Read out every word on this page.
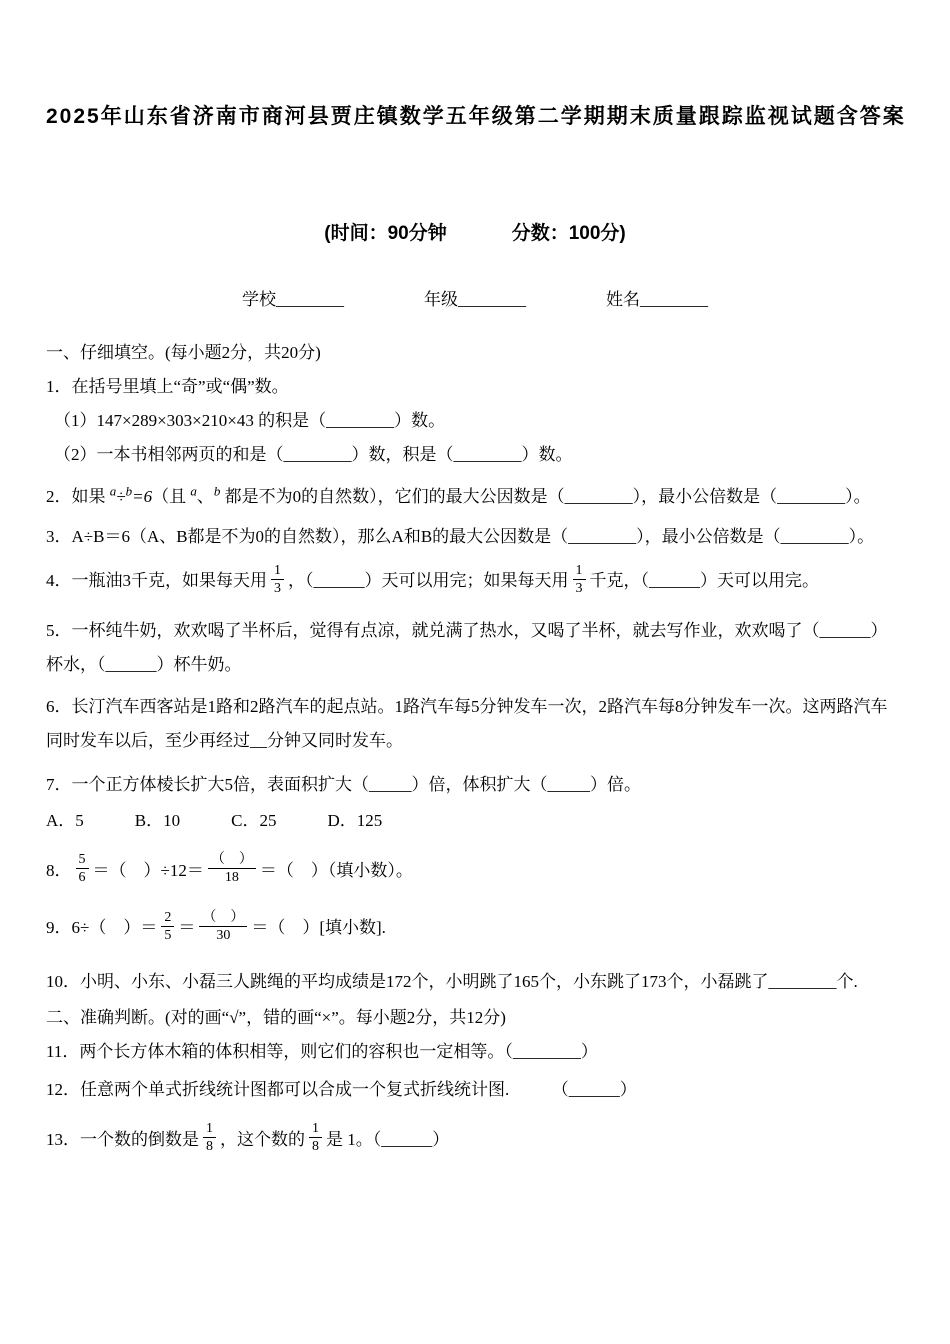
2025年山东省济南市商河县贾庄镇数学五年级第二学期期末质量跟踪监视试题含答案
(时间：90分钟	分数：100分)
学校________	年级________	姓名________
一、仔细填空。(每小题2分，共20分)
1．在括号里填上“奇”或“偶”数。
（1）147×289×303×210×43 的积是（________）数。
（2）一本书相邻两页的和是（________）数，积是（________）数。
2．如果 $^a$÷$^b$=6（且 $^a$、$^b$ 都是不为0的自然数），它们的最大公因数是（________），最小公倍数是（________）。
3．A÷B＝6（A、B都是不为0的自然数），那么A和B的最大公因数是（________），最小公倍数是（________）。
4．一瓶油3千克，如果每天用 $\frac{1}{3}$ ，（______）天可以用完；如果每天用 $\frac{1}{3}$ 千克，（______）天可以用完。
5．一杯纯牛奶，欢欢喝了半杯后，觉得有点凉，就兑满了热水，又喝了半杯，就去写作业，欢欢喝了（______）杯水，（______）杯牛奶。
6．长汀汽车西客站是1路和2路汽车的起点站。1路汽车每5分钟发车一次，2路汽车每8分钟发车一次。这两路汽车同时发车以后，至少再经过__分钟又同时发车。
7．一个正方体棱长扩大5倍，表面积扩大（_____）倍，体积扩大（_____）倍。
A．5　　　B．10　　　C．25　　　D．125
8． $\frac{5}{6}$ ＝（　）$\div 12= \frac{( )}{18}$ ＝（　）（填小数）。
9．6÷（　）＝ $\frac{2}{5} = \frac{( )}{30}$ ＝（　）[填小数].
10．小明、小东、小磊三人跳绳的平均成绩是172个，小明跳了165个，小东跳了173个，小磊跳了________个.
二、准确判断。(对的画“√”，错的画“×”。每小题2分，共12分)
11．两个长方体木箱的体积相等，则它们的容积也一定相等。（________）
12．任意两个单式折线统计图都可以合成一个复式折线统计图.　　　（______）
13．一个数的倒数是 $\frac{1}{8}$ ，这个数的 $\frac{1}{8}$ 是 1。（______）
